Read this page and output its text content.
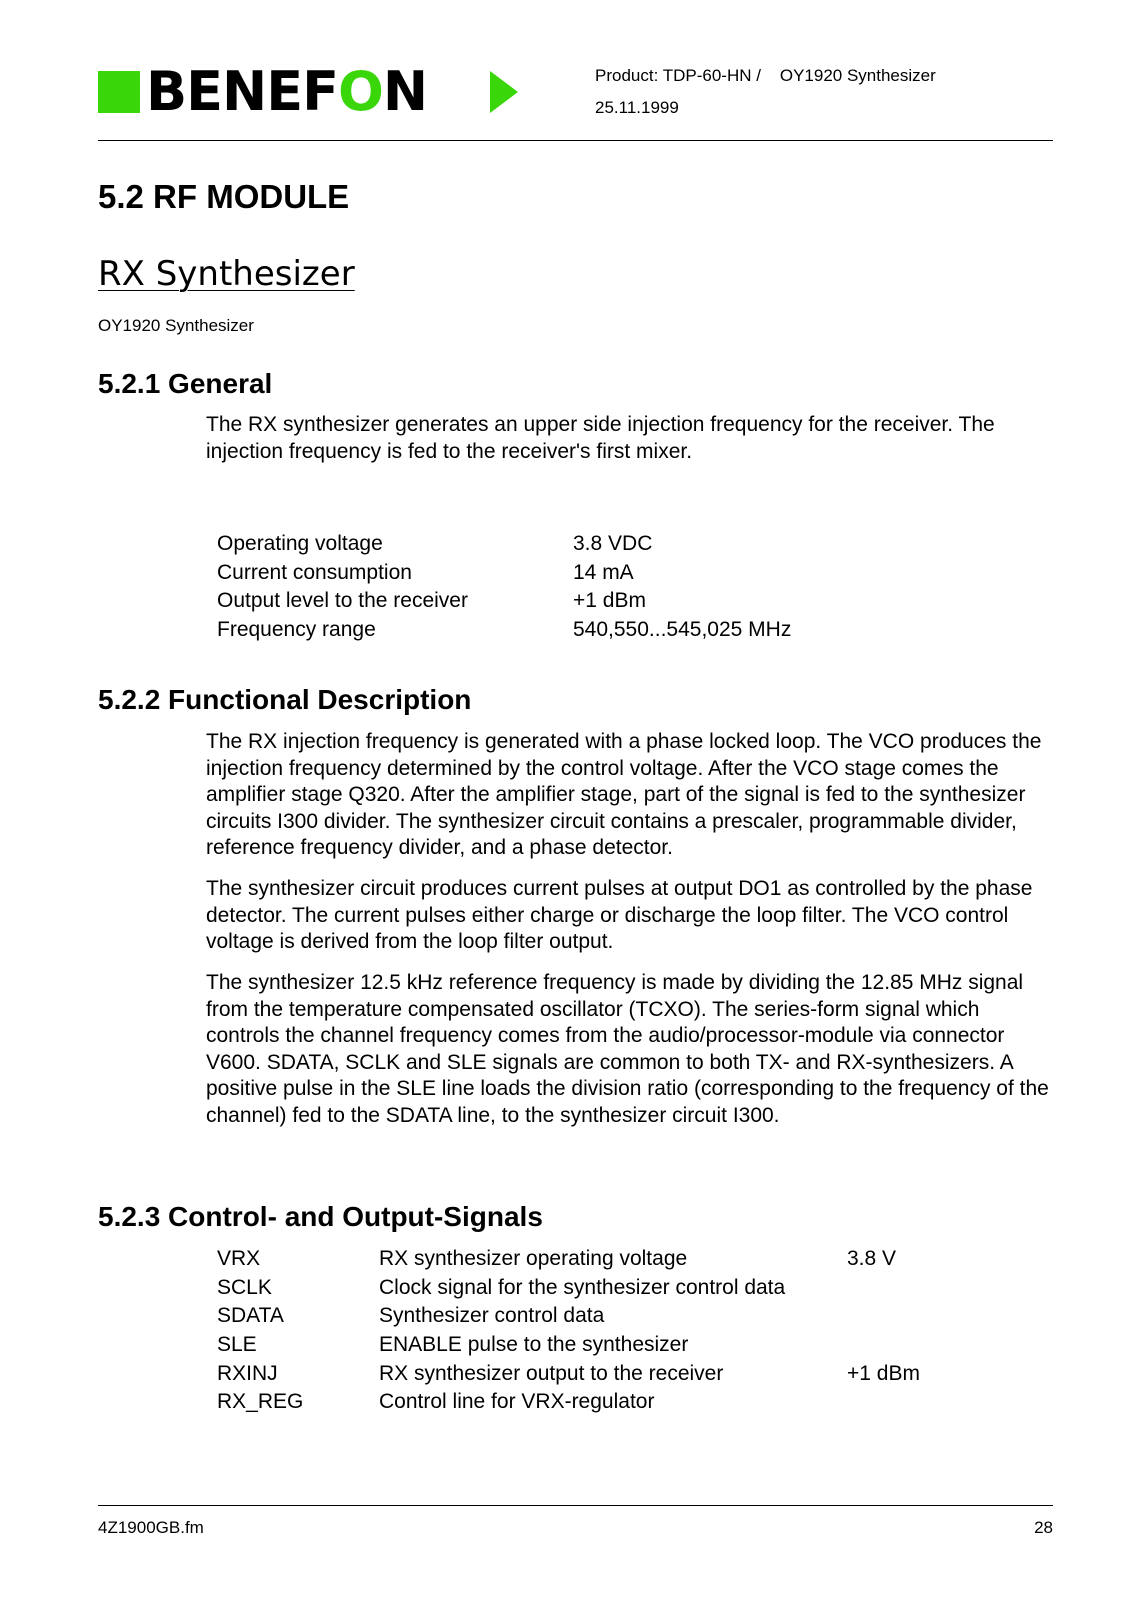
BENEFON	Product: TDP-60-HN /    OY1920 Synthesizer
25.11.1999
5.2 RF MODULE
RX Synthesizer
OY1920 Synthesizer
5.2.1 General

The RX synthesizer generates an upper side injection frequency for the receiver. The injection frequency is fed to the receiver's first mixer.

Operating voltage	3.8 VDC
Current consumption	14 mA
Output level to the receiver	+1 dBm
Frequency range	540,550...545,025 MHz
5.2.2 Functional Description

The RX injection frequency is generated with a phase locked loop. The VCO produces the injection frequency determined by the control voltage. After the VCO stage comes the amplifier stage Q320. After the amplifier stage, part of the signal is fed to the synthesizer circuits I300 divider. The synthesizer circuit contains a prescaler, programmable divider, reference frequency divider, and a phase detector.

The synthesizer circuit produces current pulses at output DO1 as controlled by the phase detector. The current pulses either charge or discharge the loop filter. The VCO control voltage is derived from the loop filter output.

The synthesizer 12.5 kHz reference frequency is made by dividing the 12.85 MHz signal from the temperature compensated oscillator (TCXO). The series-form signal which controls the channel frequency comes from the audio/processor-module via connector V600. SDATA, SCLK and SLE signals are common to both TX- and RX-synthesizers. A positive pulse in the SLE line loads the division ratio (corresponding to the frequency of the channel) fed to the SDATA line, to the synthesizer circuit I300.

5.2.3 Control- and Output-Signals
VRX	RX synthesizer operating voltage	3.8 V
SCLK	Clock signal for the synthesizer control data
SDATA	Synthesizer control data
SLE	ENABLE pulse to the synthesizer
RXINJ	RX synthesizer output to the receiver	+1 dBm
RX_REG	Control line for VRX-regulator
4Z1900GB.fm	28
